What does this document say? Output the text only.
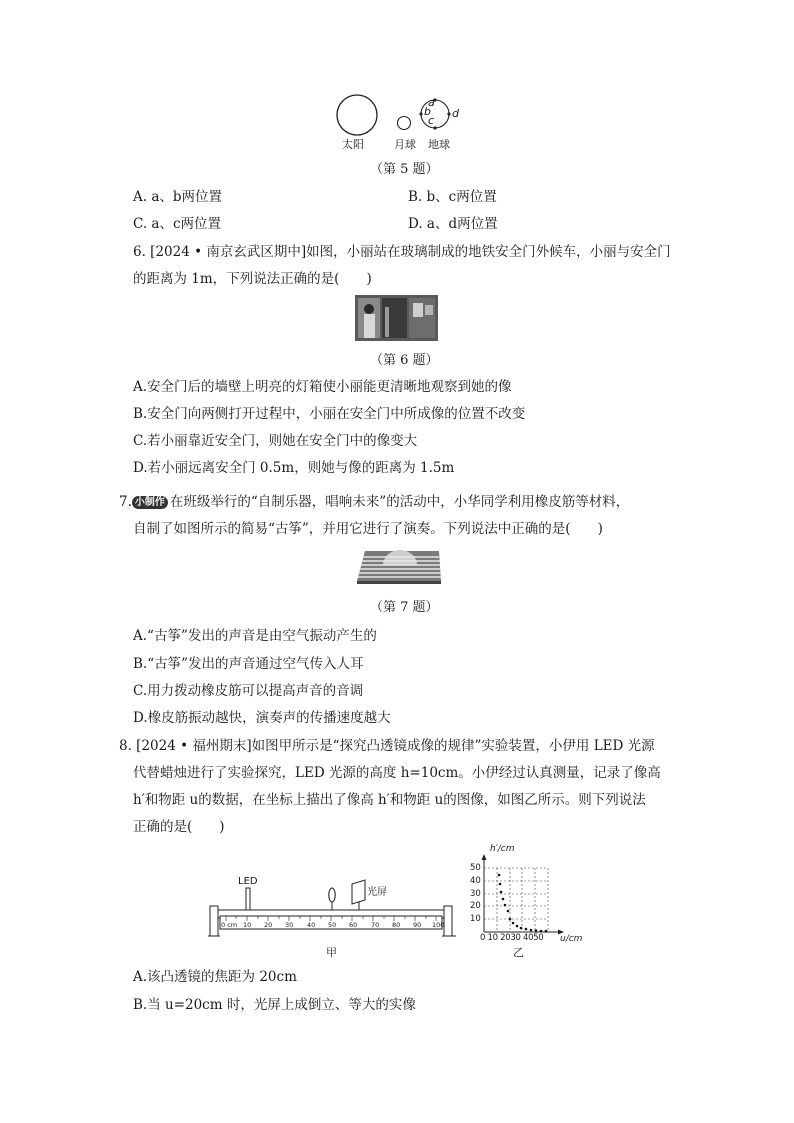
a
b
c
d
太阳	月球 地球
（第 5 题）
A. a、b两位置	B. b、c两位置
C. a、c两位置	D. a、d两位置
6. [2024 • 南京玄武区期中]如图，小丽站在玻璃制成的地铁安全门外候车，小丽与安全门
的距离为 1m，下列说法正确的是(　　)
（第 6 题）
A.安全门后的墙壁上明亮的灯箱使小丽能更清晰地观察到她的像
B.安全门向两侧打开过程中，小丽在安全门中所成像的位置不改变
C.若小丽靠近安全门，则她在安全门中的像变大
D.若小丽远离安全门 0.5m，则她与像的距离为 1.5m
7. 小制作 在班级举行的“自制乐器，唱响未来”的活动中，小华同学利用橡皮筋等材料，
自制了如图所示的简易“古筝”，并用它进行了演奏。下列说法中正确的是(　　)
（第 7 题）
A.“古筝”发出的声音是由空气振动产生的
B.“古筝”发出的声音通过空气传入人耳
C.用力拨动橡皮筋可以提高声音的音调
D.橡皮筋振动越快，演奏声的传播速度越大
8. [2024 • 福州期末]如图甲所示是“探究凸透镜成像的规律”实验装置，小伊用 LED 光源
代替蜡烛进行了实验探究，LED 光源的高度 h=10cm。小伊经过认真测量，记录了像高
h′和物距 u的数据，在坐标上描出了像高 h′和物距 u的图像，如图乙所示。则下列说法
正确的是(　　)
LED
光屏
0 cm 10 20 30 40 50 60 70 80 90 100
甲
h′/cm
50
40
30
20
10
0 10 2030 4050 u/cm
乙
A.该凸透镜的焦距为 20cm
B.当 u=20cm 时，光屏上成倒立、等大的实像
